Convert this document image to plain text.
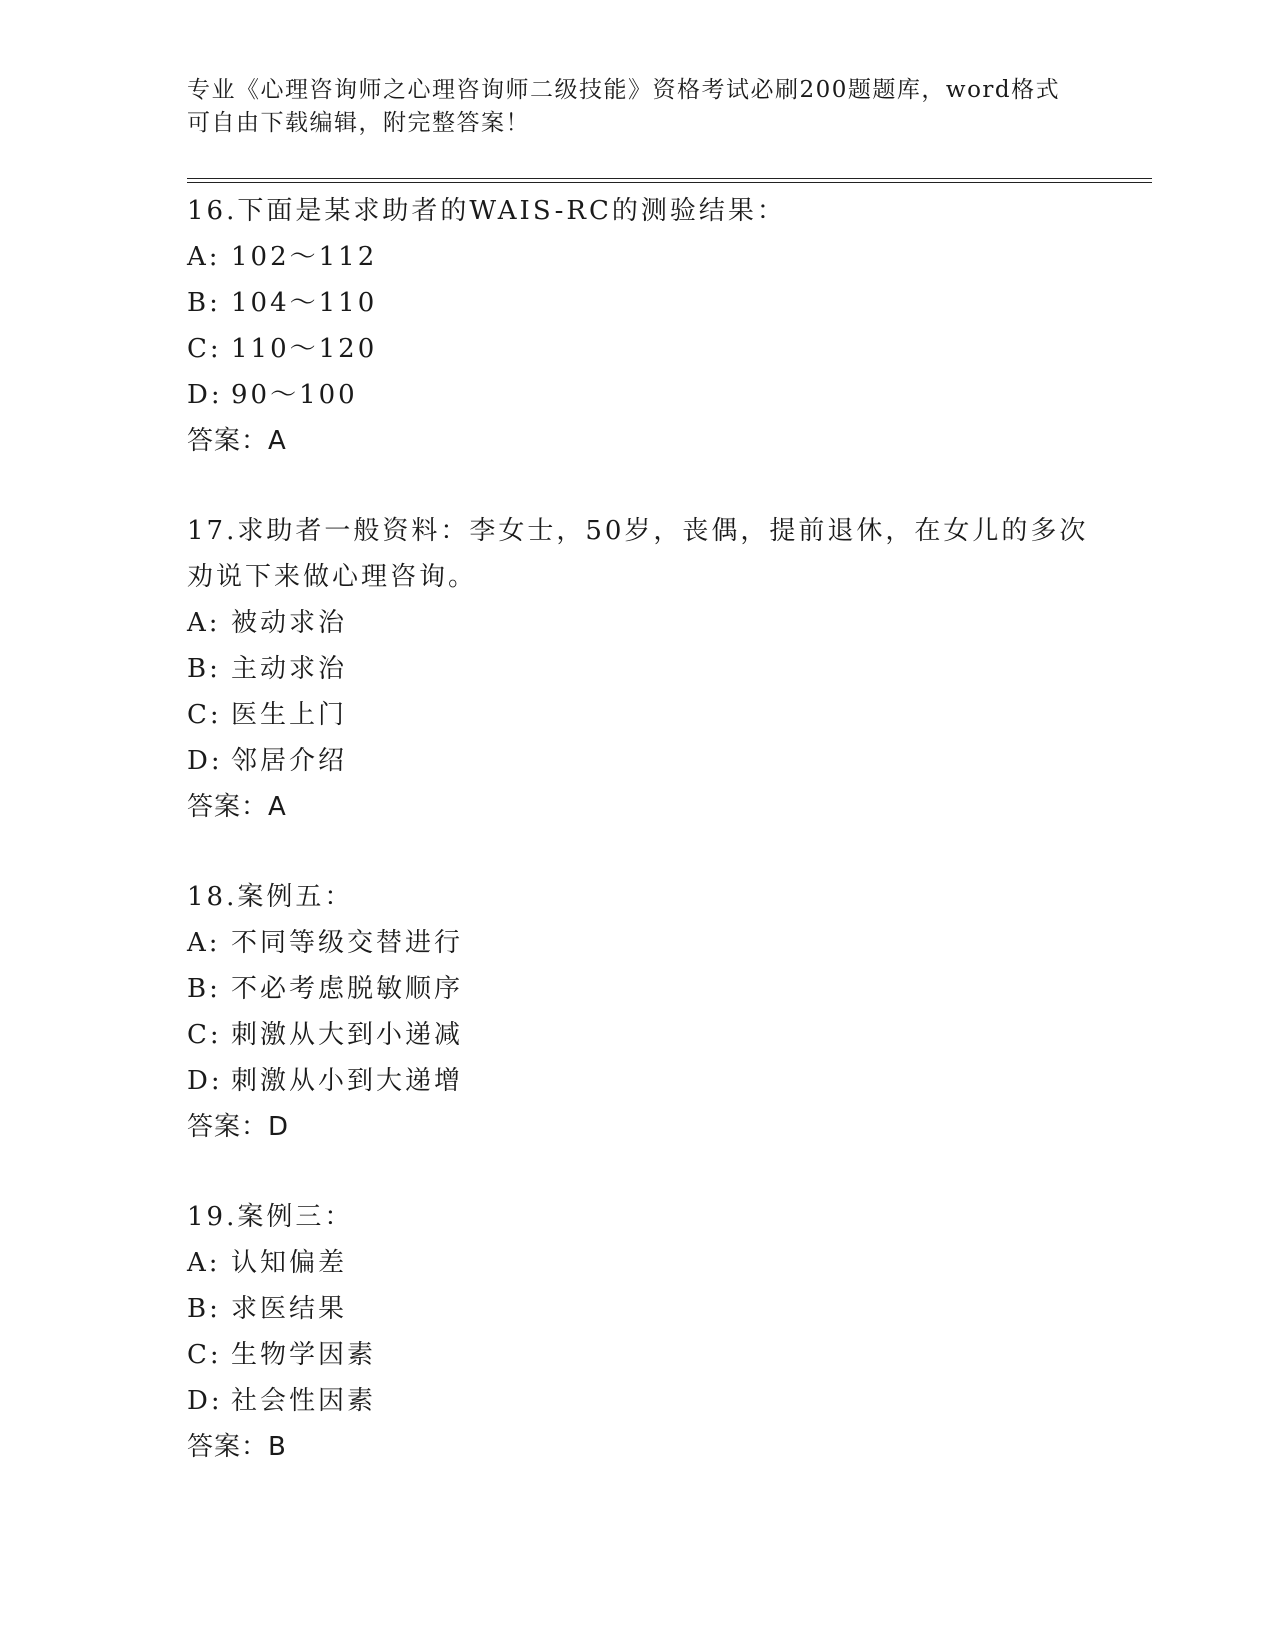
专业《心理咨询师之心理咨询师二级技能》资格考试必刷200题题库，word格式
可自由下载编辑，附完整答案！
16.下面是某求助者的WAIS-RC的测验结果：
A: 102～112
B: 104～110
C: 110～120
D: 90～100
答案：A
17.求助者一般资料：李女士，50岁，丧偶，提前退休，在女儿的多次
劝说下来做心理咨询。
A: 被动求治
B: 主动求治
C: 医生上门
D: 邻居介绍
答案：A
18.案例五：
A: 不同等级交替进行
B: 不必考虑脱敏顺序
C: 刺激从大到小递减
D: 刺激从小到大递增
答案：D
19.案例三：
A: 认知偏差
B: 求医结果
C: 生物学因素
D: 社会性因素
答案：B
